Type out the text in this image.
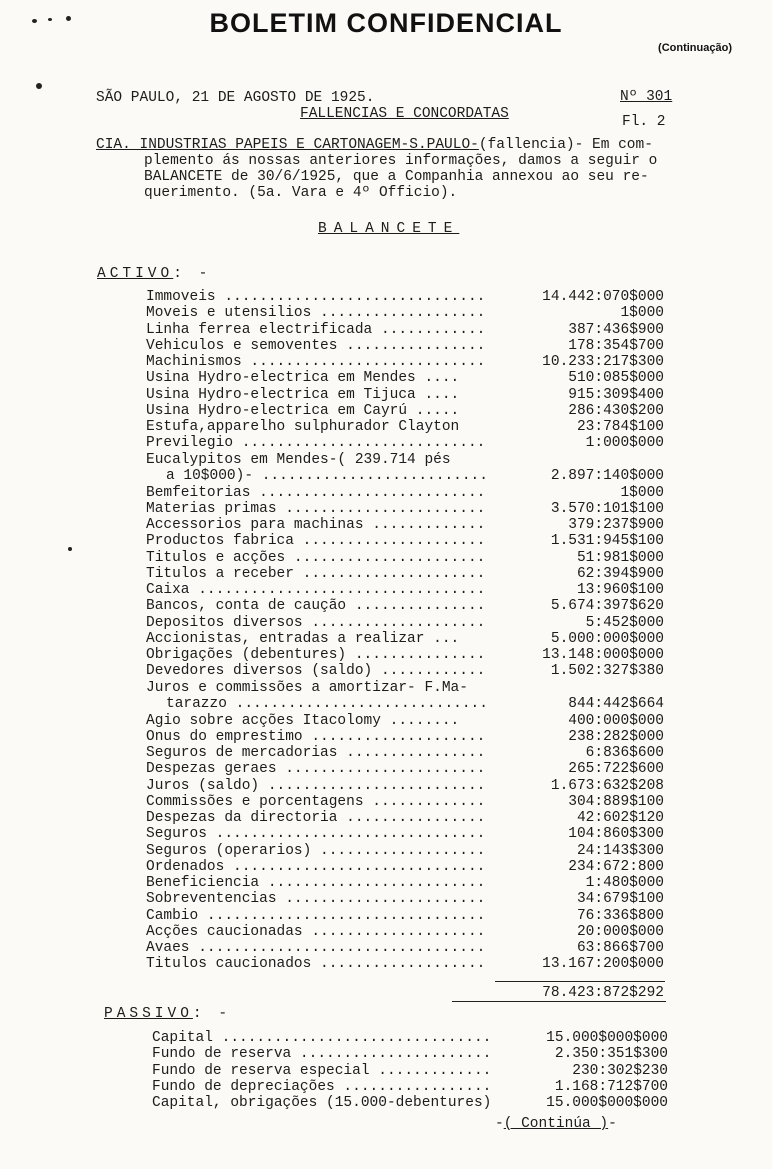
BOLETIM CONFIDENCIAL
(Continuação)
SÃO PAULO, 21 DE AGOSTO DE 1925.
FALLENCIAS E CONCORDATAS
Nº 301
Fl. 2
CIA. INDUSTRIAS PAPEIS E CARTONAGEM-S.PAULO-(fallencia)- Em com-
plemento ás nossas anteriores informações, damos a seguir o
BALANCETE de 30/6/1925, que a Companhia annexou ao seu re-
querimento. (5a. Vara e 4º Officio).
BALANCETE
ACTIVO: -
Immoveis ..............................	14.442:070$000
Moveis e utensilios ...................	1$000
Linha ferrea electrificada ............	387:436$900
Vehiculos e semoventes ................	178:354$700
Machinismos ...........................	10.233:217$300
Usina Hydro-electrica em Mendes ....	510:085$000
Usina Hydro-electrica em Tijuca ....	915:309$400
Usina Hydro-electrica em Cayrú .....	286:430$200
Estufa,apparelho sulphurador Clayton	23:784$100
Previlegio ............................	1:000$000
Eucalypitos em Mendes-( 239.714 pés
a 10$000)- ..........................	2.897:140$000
Bemfeitorias ..........................	1$000
Materias primas .......................	3.570:101$100
Accessorios para machinas .............	379:237$900
Productos fabrica .....................	1.531:945$100
Titulos e acções ......................	51:981$000
Titulos a receber .....................	62:394$900
Caixa .................................	13:960$100
Bancos, conta de caução ...............	5.674:397$620
Depositos diversos ....................	5:452$000
Accionistas, entradas a realizar ...	5.000:000$000
Obrigações (debentures) ...............	13.148:000$000
Devedores diversos (saldo) ............	1.502:327$380
Juros e commissões a amortizar- F.Ma-
tarazzo .............................	844:442$664
Agio sobre acções Itacolomy ........	400:000$000
Onus do emprestimo ....................	238:282$000
Seguros de mercadorias ................	6:836$600
Despezas geraes .......................	265:722$600
Juros (saldo) .........................	1.673:632$208
Commissões e porcentagens .............	304:889$100
Despezas da directoria ................	42:602$120
Seguros ...............................	104:860$300
Seguros (operarios) ...................	24:143$300
Ordenados .............................	234:672:800
Beneficiencia .........................	1:480$000
Sobreventencias .......................	34:679$100
Cambio ................................	76:336$800
Acções caucionadas ....................	20:000$000
Avaes .................................	63:866$700
Titulos caucionados ...................	13.167:200$000
78.423:872$292
PASSIVO: -
Capital ...............................	15.000$000$000
Fundo de reserva ......................	2.350:351$300
Fundo de reserva especial .............	230:302$230
Fundo de depreciações .................	1.168:712$700
Capital, obrigações (15.000-debentures)	15.000$000$000
-( Continúa )-
